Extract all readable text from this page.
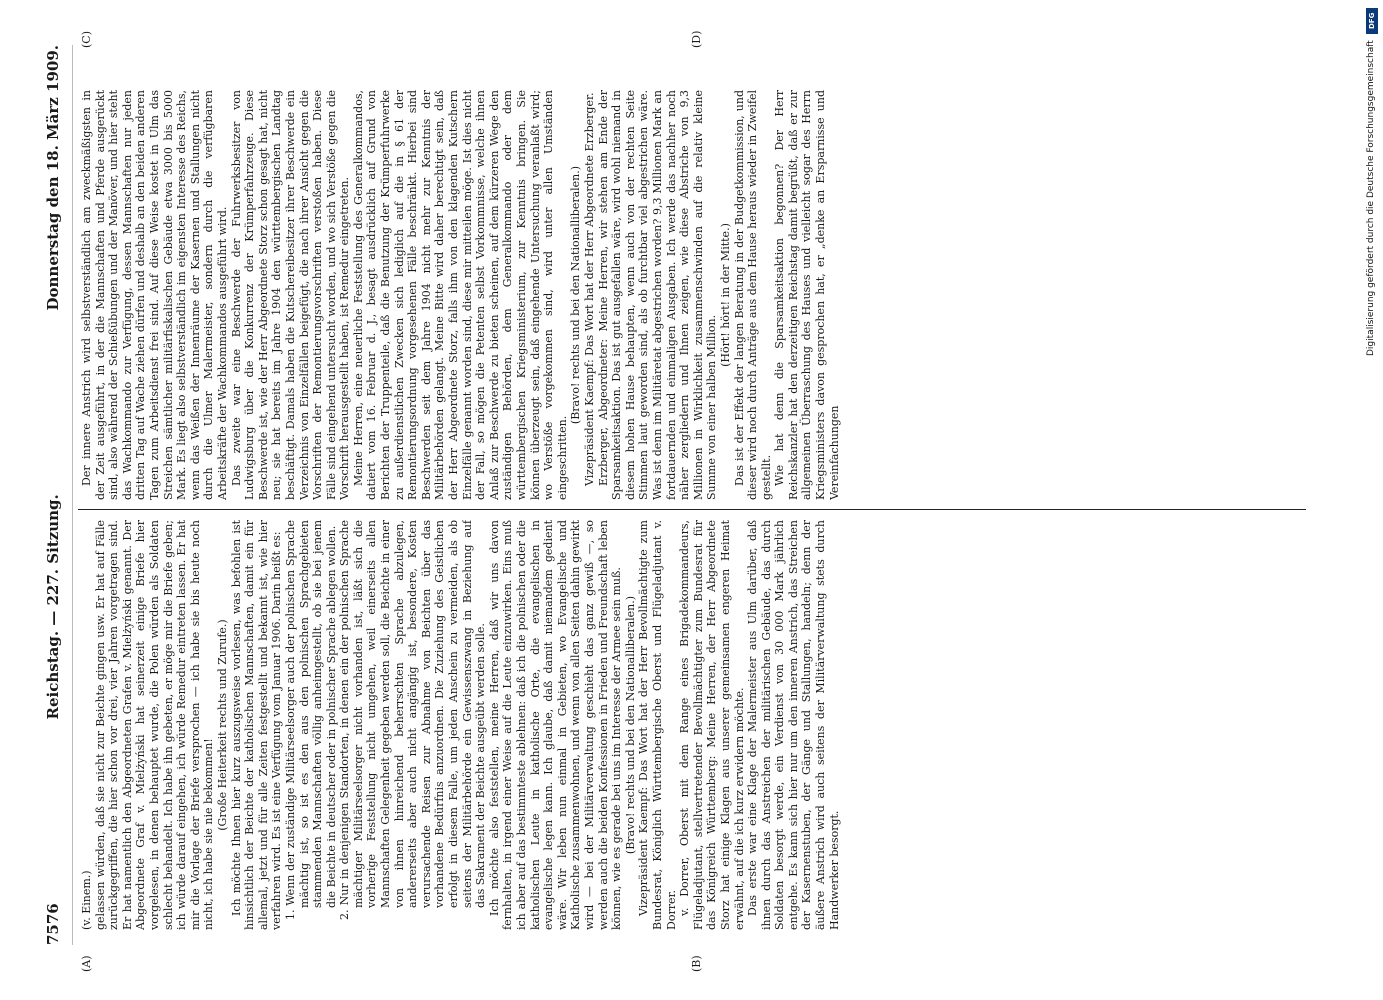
DFG
Digitalisierung gefördert durch die Deutsche Forschungsgemeinschaft
7576
Reichstag. — 227. Sitzung.
Donnerstag den 18. März 1909.
(A)	(B)
(C)	(D)

(v. Einem.) gelassen würden, daß sie nicht zur Beichte gingen usw. Er hat auf Fälle zurückgegriffen, die hier schon vor drei, vier Jahren vorgetragen sind. Er hat namentlich den Abgeordneten Grafen v. Mielżyński genannt. Der Abgeordnete Graf v. Mielżyński hat seinerzeit einige Briefe hier vorgelesen, in denen behauptet wurde, die Polen würden als Soldaten schlecht behandelt. Ich habe ihn gebeten, er möge mir die Briefe geben; ich würde darauf eingehen, ich würde Remedur eintreten lassen. Er hat mir die Vorlage der Briefe versprochen — ich habe sie bis heute noch nicht, ich habe sie nie bekommen!

(Große Heiterkeit rechts und Zurufe.) Ich möchte Ihnen hier kurz auszugsweise vorlesen, was befohlen ist hinsichtlich der Beichte der katholischen Mannschaften, damit ein für allemal, jetzt und für alle Zeiten festgestellt und bekannt ist, wie hier verfahren wird. Es ist eine Verfügung vom Januar 1906. Darin heißt es: 1. Wenn der zuständige Militärseelsorger auch der polnischen Sprache mächtig ist, so ist es den aus den polnischen Sprachgebieten stammenden Mannschaften völlig anheimgestellt, ob sie bei jenem die Beichte in deutscher oder in polnischer Sprache ablegen wollen. 2. Nur in denjenigen Standorten, in denen ein der polnischen Sprache mächtiger Militärseelsorger nicht vorhanden ist, läßt sich die vorherige Feststellung nicht umgehen, weil einerseits allen Mannschaften Gelegenheit gegeben werden soll, die Beichte in einer von ihnen hinreichend beherrschten Sprache abzulegen, andererseits aber auch nicht angängig ist, besondere, Kosten verursachende Reisen zur Abnahme von Beichten über das vorhandene Bedürfnis anzuordnen. Die Zuziehung des Geistlichen erfolgt in diesem Falle, um jeden Anschein zu vermeiden, als ob seitens der Militärbehörde ein Gewissenszwang in Beziehung auf das Sakrament der Beichte ausgeübt werden solle. Ich möchte also feststellen, meine Herren, daß wir uns davon fernhalten, in irgend einer Weise auf die Leute einzuwirken. Eins muß ich aber auf das bestimmteste ablehnen: daß ich die polnischen oder die katholischen Leute in katholische Orte, die evangelischen in evangelische legen kann. Ich glaube, daß damit niemandem gedient wäre. Wir leben nun einmal in Gebieten, wo Evangelische und Katholische zusammenwohnen, und wenn von allen Seiten dahin gewirkt wird — bei der Militärverwaltung geschieht das ganz gewiß —, so werden auch die beiden Konfessionen in Frieden und Freundschaft leben können, wie es gerade bei uns im Interesse der Armee sein muß. (Bravo! rechts und bei den Nationalliberalen.) Vizepräsident Kaempf: Das Wort hat der Herr Bevollmächtigte zum Bundesrat, Königlich Württembergische Oberst und Flügeladjutant v. Dorrer. v. Dorrer, Oberst mit dem Range eines Brigadekommandeurs, Flügeladjutant, stellvertretender Bevollmächtigter zum Bundesrat für das Königreich Württemberg: Meine Herren, der Herr Abgeordnete Storz hat einige Klagen aus unserer gemeinsamen engeren Heimat erwähnt, auf die ich kurz erwidern möchte. Das erste war eine Klage der Malermeister aus Ulm darüber, daß ihnen durch das Anstreichen der militärischen Gebäude, das durch Soldaten besorgt werde, ein Verdienst von 30 000 Mark jährlich entgehe. Es kann sich hier nur um den inneren Anstrich, das Streichen der Kasernenstuben, der Gänge und Stallungen, handeln; denn der äußere Anstrich wird auch seitens der Militärverwaltung stets durch Handwerker besorgt.

Der innere Anstrich wird selbstverständlich am zweckmäßigsten in der Zeit ausgeführt, in der die Mannschaften und Pferde ausgerückt sind, also während der Schießübungen und der Manöver, und hier steht das Wachkommando zur Verfügung, dessen Mannschaften nur jeden dritten Tag auf Wache ziehen dürfen und deshalb an den beiden anderen Tagen zum Arbeitsdienst frei sind. Auf diese Weise kostet in Ulm das Streichen sämtlicher militärfiskalischen Gebäude etwa 3000 bis 5000 Mark. Es liegt also selbstverständlich im eigensten Interesse des Reichs, wenn das Weißen der Innenräume der Kasernen und Stallungen nicht durch die Ulmer Malermeister, sondern durch die verfügbaren Arbeitskräfte der Wachkommandos ausgeführt wird. Das zweite war eine Beschwerde der Fuhrwerksbesitzer von Ludwigsburg über die Konkurrenz der Krümperfahrzeuge. Diese Beschwerde ist, wie der Herr Abgeordnete Storz schon gesagt hat, nicht neu; sie hat bereits im Jahre 1904 den württembergischen Landtag beschäftigt. Damals haben die Kutschereibesitzer ihrer Beschwerde ein Verzeichnis von Einzelfällen beigefügt, die nach ihrer Ansicht gegen die Vorschriften der Remontierungsvorschriften verstoßen haben. Diese Fälle sind eingehend untersucht worden, und wo sich Verstöße gegen die Vorschrift herausgestellt haben, ist Remedur eingetreten. Meine Herren, eine neuerliche Feststellung des Generalkommandos, datiert vom 16. Februar d. J., besagt ausdrücklich auf Grund von Berichten der Truppenteile, daß die Benutzung der Krümperfuhrwerke zu außerdienstlichen Zwecken sich lediglich auf die in § 61 der Remontierungsordnung vorgesehenen Fälle beschränkt. Hierbei sind Beschwerden seit dem Jahre 1904 nicht mehr zur Kenntnis der Militärbehörden gelangt. Meine Bitte wird daher berechtigt sein, daß der Herr Abgeordnete Storz, falls ihm von den klagenden Kutschern Einzelfälle genannt worden sind, diese mir mitteilen möge. Ist dies nicht der Fall, so mögen die Petenten selbst Vorkommnisse, welche ihnen Anlaß zur Beschwerde zu bieten scheinen, auf dem kürzeren Wege den zuständigen Behörden, dem Generalkommando oder dem württembergischen Kriegsministerium, zur Kenntnis bringen. Sie können überzeugt sein, daß eingehende Untersuchung veranlaßt wird; wo Verstöße vorgekommen sind, wird unter allen Umständen eingeschritten.

(Bravo! rechts und bei den Nationalliberalen.) Vizepräsident Kaempf: Das Wort hat der Herr Abgeordnete Erzberger. Erzberger, Abgeordneter: Meine Herren, wir stehen am Ende der Sparsamkeitsaktion. Das ist gut ausgefallen wäre, wird wohl niemand in diesem hohen Hause behaupten, wenn auch von der rechten Seite Stimmen laut geworden sind, als ob furchtbar viel abgestrichen wäre. Was ist denn im Militäretat abgestrichen worden? 9,3 Millionen Mark an fortdauernden und einmaligen Ausgaben. Ich werde das nachher noch näher zergliedern und Ihnen zeigen, wie diese Abstriche von 9,3 Millionen in Wirklichkeit zusammenschwinden auf die relativ kleine Summe von einer halben Million.

(Hört! hört! in der Mitte.) Das ist der Effekt der langen Beratung in der Budgetkommission, und dieser wird noch durch Anträge aus dem Hause heraus wieder in Zweifel gestellt. Wie hat denn die Sparsamkeitsaktion begonnen? Der Herr Reichskanzler hat den derzeitigen Reichstag damit begrüßt, daß er zur allgemeinen Überraschung des Hauses und vielleicht sogar des Herrn Kriegsministers davon gesprochen hat, er „denke an Ersparnisse und Vereinfachungen
